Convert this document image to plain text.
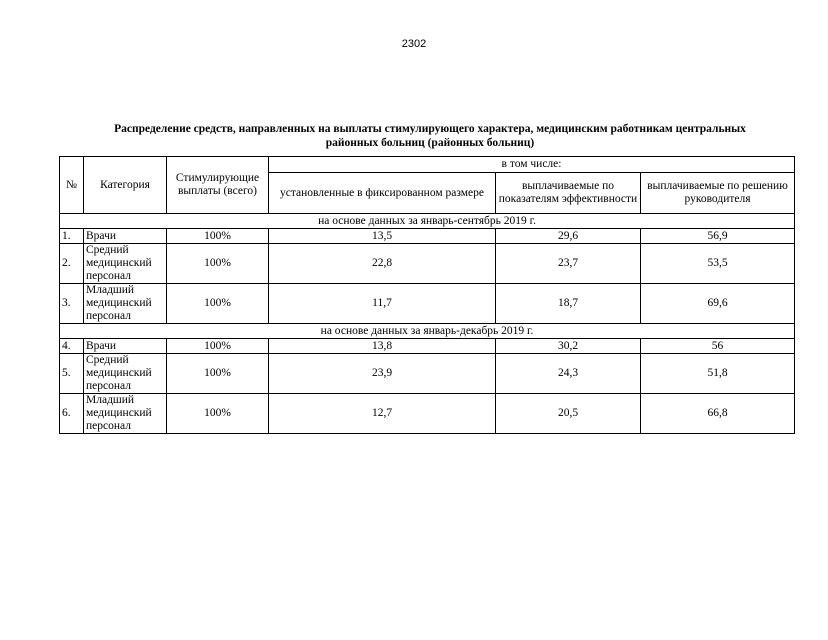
2302
Распределение средств, направленных на выплаты стимулирующего характера, медицинским работникам центральных
районных больниц (районных больниц)
№	Категория	Стимулирующие выплаты (всего)	в том числе:		
			установленные в фиксированном размере	выплачиваемые по показателям эффективности	выплачиваемые по решению руководителя
на основе данных за январь-сентябрь 2019 г.					
1.	Врачи	100%	13,5	29,6	56,9
2.	Средний медицинский персонал	100%	22,8	23,7	53,5
3.	Младший медицинский персонал	100%	11,7	18,7	69,6
на основе данных за январь-декабрь 2019 г.					
4.	Врачи	100%	13,8	30,2	56
5.	Средний медицинский персонал	100%	23,9	24,3	51,8
6.	Младший медицинский персонал	100%	12,7	20,5	66,8
